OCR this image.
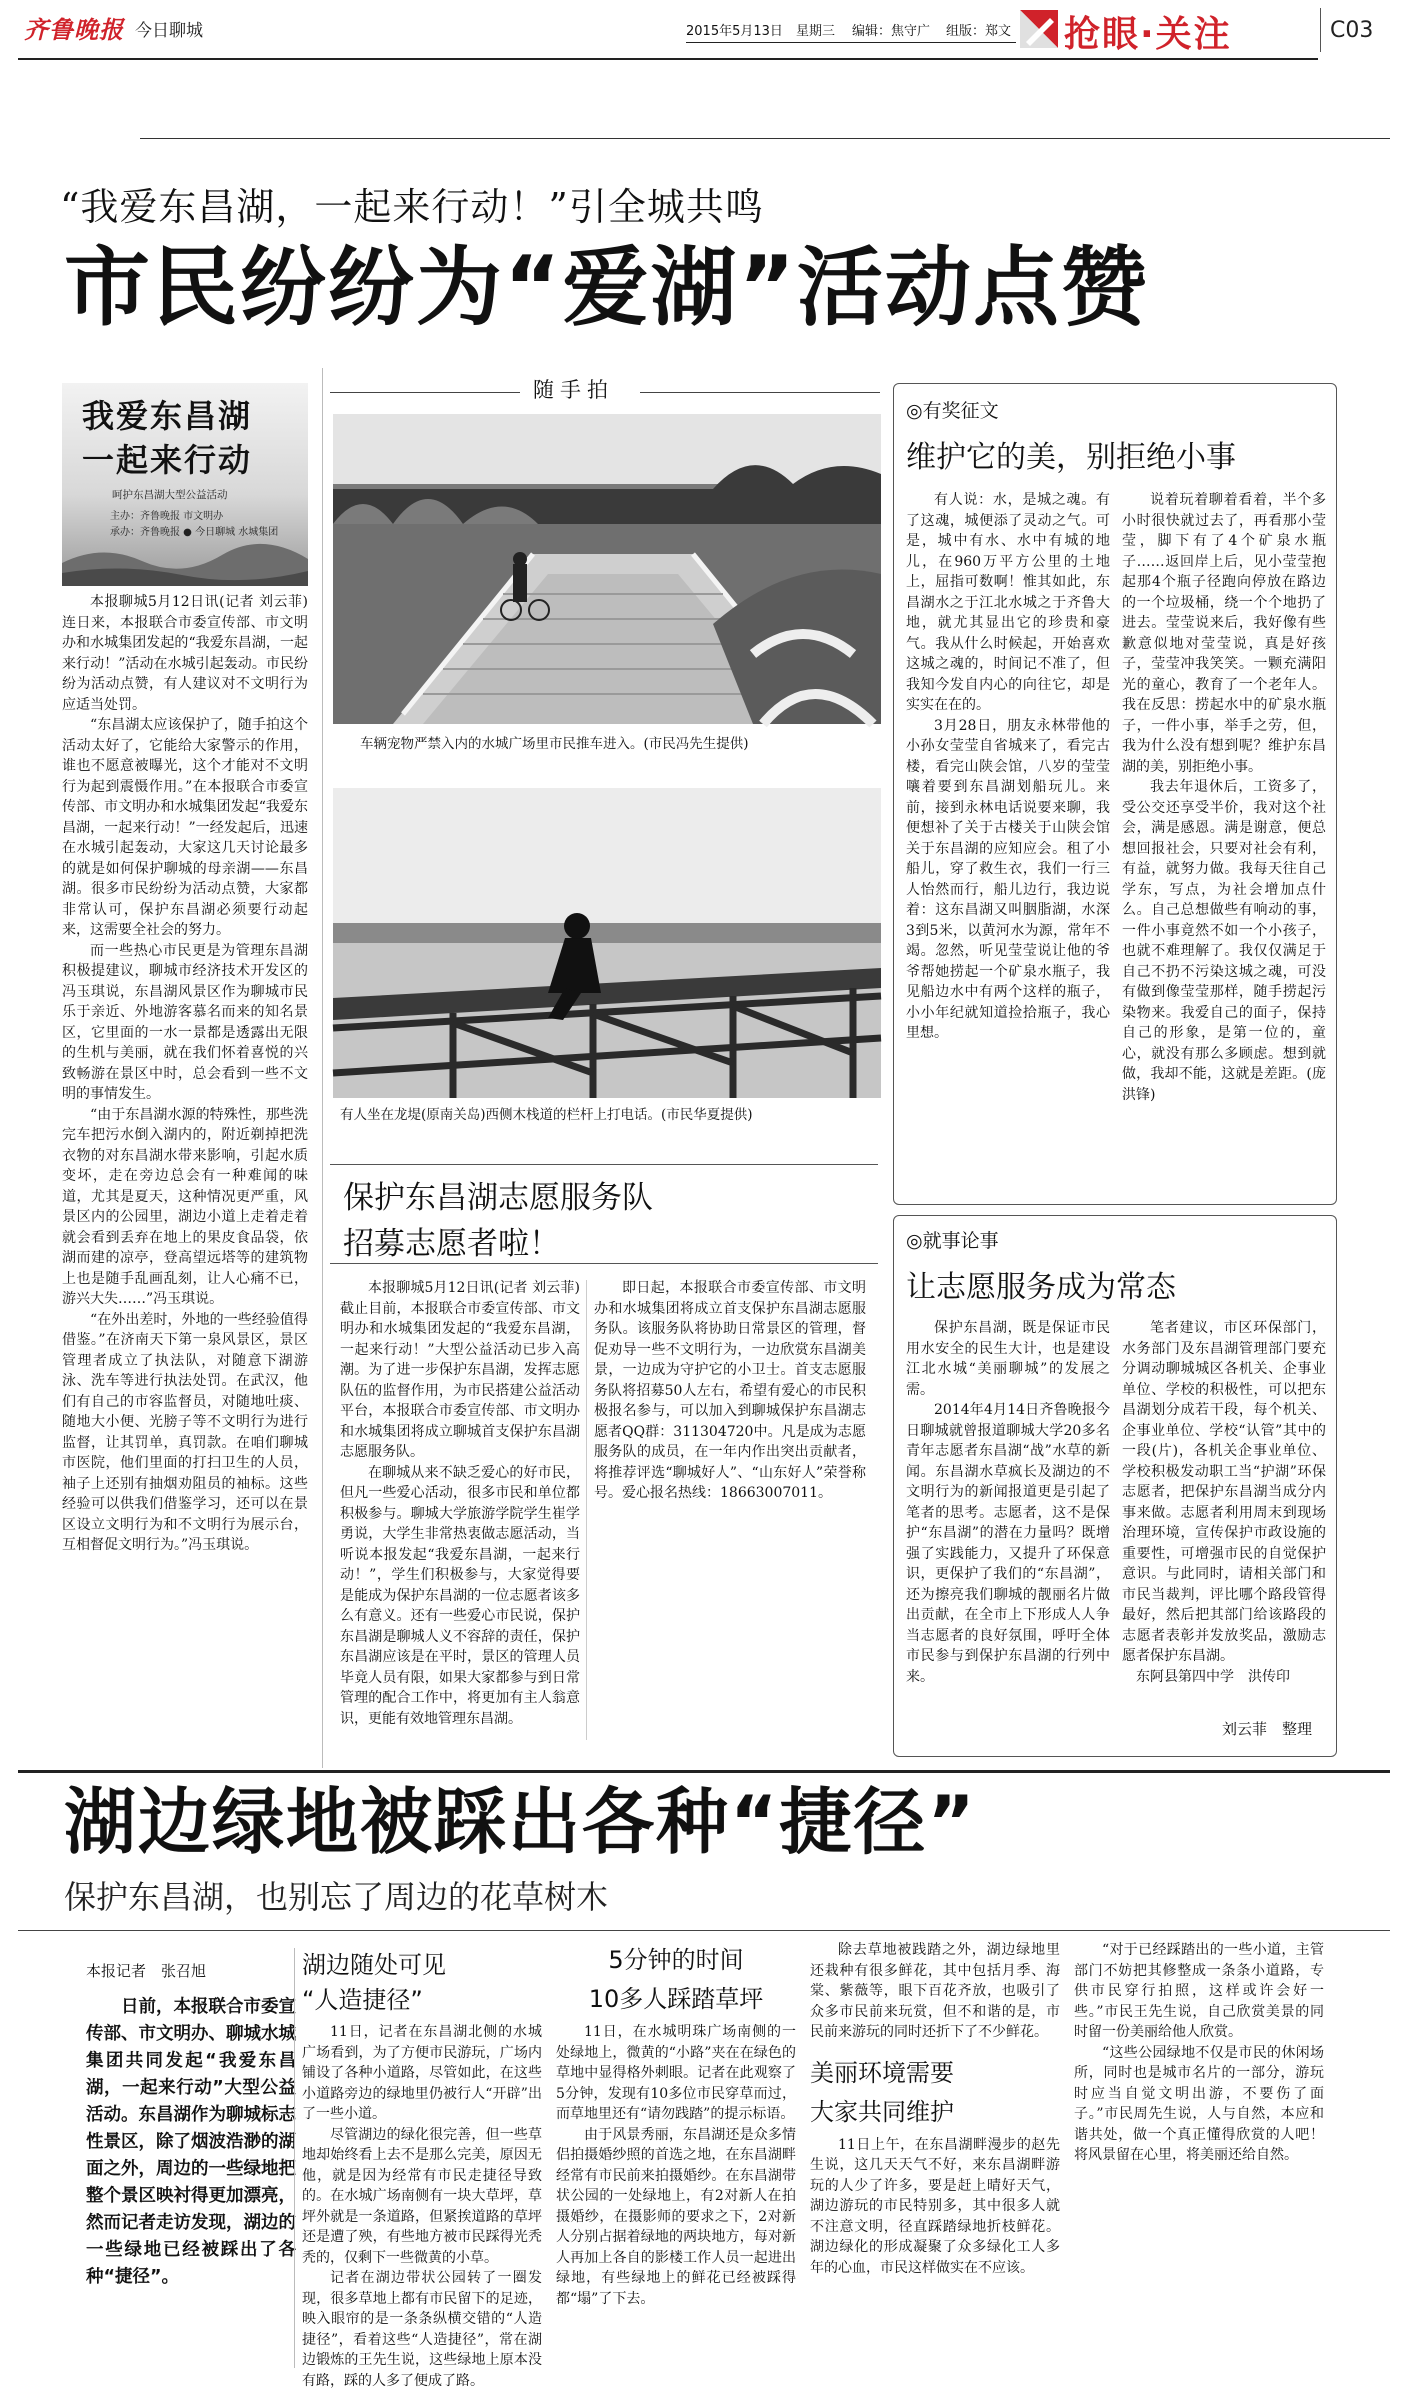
齐鲁晚报 今日聊城	2015年5月13日 星期三 编辑：焦守广 组版：郑文 抢眼·关注	C03
“我爱东昌湖，一起来行动！”引全城共鸣
市民纷纷为“爱湖”活动点赞
我爱东昌湖
一起来行动
呵护东昌湖大型公益活动
主办：齐鲁晚报 市文明办
承办：齐鲁晚报 ● 今日聊城 水城集团

本报聊城5月12日讯(记者 刘云菲) 连日来，本报联合市委宣传部、市文明办和水城集团发起的“我爱东昌湖，一起来行动！”活动在水城引起轰动。市民纷纷为活动点赞，有人建议对不文明行为应适当处罚。

“东昌湖太应该保护了，随手拍这个活动太好了，它能给大家警示的作用，谁也不愿意被曝光，这个才能对不文明行为起到震慑作用。”在本报联合市委宣传部、市文明办和水城集团发起“我爱东昌湖，一起来行动！”一经发起后，迅速在水城引起轰动，大家这几天讨论最多的就是如何保护聊城的母亲湖——东昌湖。很多市民纷纷为活动点赞，大家都非常认可，保护东昌湖必须要行动起来，这需要全社会的努力。

而一些热心市民更是为管理东昌湖积极提建议，聊城市经济技术开发区的冯玉琪说，东昌湖风景区作为聊城市民乐于亲近、外地游客慕名而来的知名景区，它里面的一水一景都是透露出无限的生机与美丽，就在我们怀着喜悦的兴致畅游在景区中时，总会看到一些不文明的事情发生。

“由于东昌湖水源的特殊性，那些洗完车把污水倒入湖内的，附近剃掉把洗衣物的对东昌湖水带来影响，引起水质变坏，走在旁边总会有一种难闻的味道，尤其是夏天，这种情况更严重，风景区内的公园里，湖边小道上走着走着就会看到丢弃在地上的果皮食品袋，依湖而建的凉亭，登高望远塔等的建筑物上也是随手乱画乱刻，让人心痛不已，游兴大失……”冯玉琪说。

“在外出差时，外地的一些经验值得借鉴。”在济南天下第一泉风景区，景区管理者成立了执法队，对随意下湖游泳、洗车等进行执法处罚。在武汉，他们有自己的市容监督员，对随地吐痰、随地大小便、光膀子等不文明行为进行监督，让其罚单，真罚款。在咱们聊城市医院，他们里面的打扫卫生的人员，袖子上还别有抽烟劝阻员的袖标。这些经验可以供我们借鉴学习，还可以在景区设立文明行为和不文明行为展示台，互相督促文明行为。”冯玉琪说。

随手拍
车辆宠物严禁入内的水城广场里市民推车进入。(市民冯先生提供)
有人坐在龙堤(原南关岛)西侧木栈道的栏杆上打电话。(市民华夏提供)
保护东昌湖志愿服务队
招募志愿者啦！

本报聊城5月12日讯(记者 刘云菲) 截止目前，本报联合市委宣传部、市文明办和水城集团发起的“我爱东昌湖，一起来行动！”大型公益活动已步入高潮。为了进一步保护东昌湖，发挥志愿队伍的监督作用，为市民搭建公益活动平台，本报联合市委宣传部、市文明办和水城集团将成立聊城首支保护东昌湖志愿服务队。

在聊城从来不缺乏爱心的好市民，但凡一些爱心活动，很多市民和单位都积极参与。聊城大学旅游学院学生崔学勇说，大学生非常热衷做志愿活动，当听说本报发起“我爱东昌湖，一起来行动！”，学生们积极参与，大家觉得要是能成为保护东昌湖的一位志愿者该多么有意义。还有一些爱心市民说，保护东昌湖是聊城人义不容辞的责任，保护东昌湖应该是在平时，景区的管理人员毕竟人员有限，如果大家都参与到日常管理的配合工作中，将更加有主人翁意识，更能有效地管理东昌湖。

即日起，本报联合市委宣传部、市文明办和水城集团将成立首支保护东昌湖志愿服务队。该服务队将协助日常景区的管理，督促劝导一些不文明行为，一边欣赏东昌湖美景，一边成为守护它的小卫士。首支志愿服务队将招募50人左右，希望有爱心的市民积极报名参与，可以加入到聊城保护东昌湖志愿者QQ群：311304720中。凡是成为志愿服务队的成员，在一年内作出突出贡献者，将推荐评选“聊城好人”、“山东好人”荣誉称号。爱心报名热线：18663007011。

◎有奖征文
维护它的美，别拒绝小事

有人说：水，是城之魂。有了这魂，城便添了灵动之气。可是，城中有水、水中有城的地儿，在960万平方公里的土地上，屈指可数啊！惟其如此，东昌湖水之于江北水城之于齐鲁大地，就尤其显出它的珍贵和豪气。我从什么时候起，开始喜欢这城之魂的，时间记不准了，但我知今发自内心的向往它，却是实实在在的。

3月28日，朋友永林带他的小孙女莹莹自省城来了，看完古楼，看完山陕会馆，八岁的莹莹嚷着要到东昌湖划船玩儿。来前，接到永林电话说要来聊，我便想补了关于古楼关于山陕会馆关于东昌湖的应知应会。租了小船儿，穿了救生衣，我们一行三人怡然而行，船儿边行，我边说着：这东昌湖又叫胭脂湖，水深3到5米，以黄河水为源，常年不竭。忽然，听见莹莹说让他的爷爷帮她捞起一个矿泉水瓶子，我见船边水中有两个这样的瓶子，小小年纪就知道捡拾瓶子，我心里想。

说着玩着聊着看着，半个多小时很快就过去了，再看那小莹莹，脚下有了4个矿泉水瓶子……返回岸上后，见小莹莹抱起那4个瓶子径跑向停放在路边的一个垃圾桶，绕一个个地扔了进去。莹莹说来后，我好像有些歉意似地对莹莹说，真是好孩子，莹莹冲我笑笑。一颗充满阳光的童心，教育了一个老年人。我在反思：捞起水中的矿泉水瓶子，一件小事，举手之劳，但，我为什么没有想到呢？维护东昌湖的美，别拒绝小事。

我去年退休后，工资多了，受公交还享受半价，我对这个社会，满是感恩。满是谢意，便总想回报社会，只要对社会有利，有益，就努力做。我每天往自己学东，写点，为社会增加点什么。自己总想做些有响动的事，一件小事竟然不如一个小孩子，也就不难理解了。我仅仅满足于自己不扔不污染这城之魂，可没有做到像莹莹那样，随手捞起污染物来。我爱自己的面子，保持自己的形象，是第一位的，童心，就没有那么多顾虑。想到就做，我却不能，这就是差距。(庞洪锋)

◎就事论事
让志愿服务成为常态

保护东昌湖，既是保证市民用水安全的民生大计，也是建设江北水城“美丽聊城”的发展之需。

2014年4月14日齐鲁晚报今日聊城就曾报道聊城大学20多名青年志愿者东昌湖“战”水草的新闻。东昌湖水草疯长及湖边的不文明行为的新闻报道更是引起了笔者的思考。志愿者，这不是保护“东昌湖”的潜在力量吗？既增强了实践能力，又提升了环保意识，更保护了我们的“东昌湖”，还为擦亮我们聊城的靓丽名片做出贡献，在全市上下形成人人争当志愿者的良好氛围，呼吁全体市民参与到保护东昌湖的行列中来。

笔者建议，市区环保部门，水务部门及东昌湖管理部门要充分调动聊城城区各机关、企事业单位、学校的积极性，可以把东昌湖划分成若干段，每个机关、企事业单位、学校“认管”其中的一段(片)，各机关企事业单位、学校积极发动职工当“护湖”环保志愿者，把保护东昌湖当成分内事来做。志愿者利用周末到现场治理环境，宣传保护市政设施的重要性，可增强市民的自觉保护意识。与此同时，请相关部门和市民当裁判，评比哪个路段管得最好，然后把其部门给该路段的志愿者表彰并发放奖品，激励志愿者保护东昌湖。

东阿县第四中学　洪传印

刘云菲　整理
湖边绿地被踩出各种“捷径”
保护东昌湖，也别忘了周边的花草树木
本报记者　张召旭

日前，本报联合市委宣传部、市文明办、聊城水城集团共同发起“我爱东昌湖，一起来行动”大型公益活动。东昌湖作为聊城标志性景区，除了烟波浩渺的湖面之外，周边的一些绿地把整个景区映衬得更加漂亮，然而记者走访发现，湖边的一些绿地已经被踩出了各种“捷径”。

湖边随处可见
“人造捷径”

11日，记者在东昌湖北侧的水城广场看到，为了方便市民游玩，广场内铺设了各种小道路，尽管如此，在这些小道路旁边的绿地里仍被行人“开辟”出了一些小道。

尽管湖边的绿化很完善，但一些草地却始终看上去不是那么完美，原因无他，就是因为经常有市民走捷径导致的。在水城广场南侧有一块大草坪，草坪外就是一条道路，但紧挨道路的草坪还是遭了殃，有些地方被市民踩得光秃秃的，仅剩下一些微黄的小草。

记者在湖边带状公园转了一圈发现，很多草地上都有市民留下的足迹，映入眼帘的是一条条纵横交错的“人造捷径”，看着这些“人造捷径”，常在湖边锻炼的王先生说，这些绿地上原本没有路，踩的人多了便成了路。

5分钟的时间
10多人踩踏草坪

11日，在水城明珠广场南侧的一处绿地上，微黄的“小路”夹在在绿色的草地中显得格外刺眼。记者在此观察了5分钟，发现有10多位市民穿草而过，而草地里还有“请勿践踏”的提示标语。

由于风景秀丽，东昌湖还是众多情侣拍摄婚纱照的首选之地，在东昌湖畔经常有市民前来拍摄婚纱。在东昌湖带状公园的一处绿地上，有2对新人在拍摄婚纱，在摄影师的要求之下，2对新人分别占据着绿地的两块地方，每对新人再加上各自的影楼工作人员一起进出绿地，有些绿地上的鲜花已经被踩得都“塌”了下去。

除去草地被践踏之外，湖边绿地里还栽种有很多鲜花，其中包括月季、海棠、紫薇等，眼下百花齐放，也吸引了众多市民前来玩赏，但不和谐的是，市民前来游玩的同时还折下了不少鲜花。

美丽环境需要
大家共同维护

11日上午，在东昌湖畔漫步的赵先生说，这几天天气不好，来东昌湖畔游玩的人少了许多，要是赶上晴好天气，湖边游玩的市民特别多，其中很多人就不注意文明，径直踩踏绿地折枝鲜花。湖边绿化的形成凝聚了众多绿化工人多年的心血，市民这样做实在不应该。

“对于已经踩踏出的一些小道，主管部门不妨把其修整成一条条小道路，专供市民穿行拍照，这样或许会好一些。”市民王先生说，自己欣赏美景的同时留一份美丽给他人欣赏。

“这些公园绿地不仅是市民的休闲场所，同时也是城市名片的一部分，游玩时应当自觉文明出游，不要伤了面子。”市民周先生说，人与自然，本应和谐共处，做一个真正懂得欣赏的人吧！将风景留在心里，将美丽还给自然。
